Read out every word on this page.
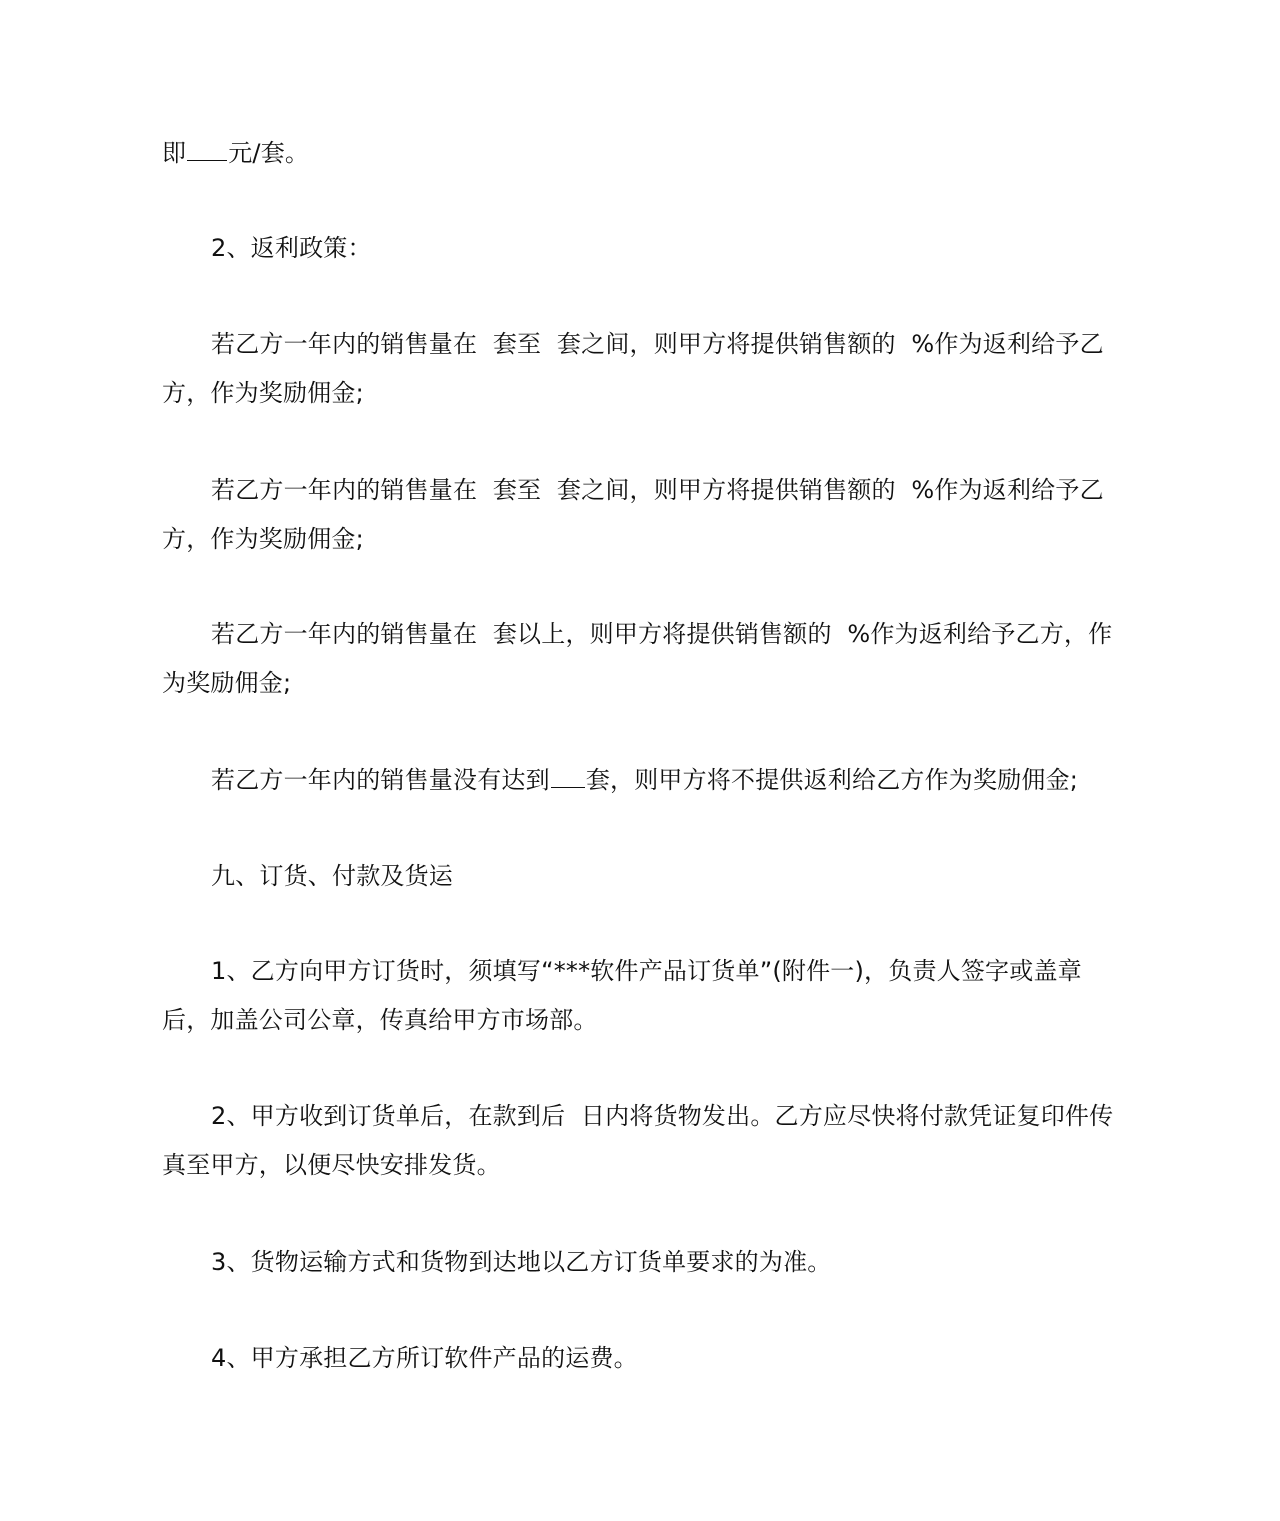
即 元/套。

2、返利政策：

若乙方一年内的销售量在  套至  套之间，则甲方将提供销售额的  %作为返利给予乙方，作为奖励佣金;

若乙方一年内的销售量在  套至  套之间，则甲方将提供销售额的  %作为返利给予乙方，作为奖励佣金;

若乙方一年内的销售量在  套以上，则甲方将提供销售额的  %作为返利给予乙方，作为奖励佣金;

若乙方一年内的销售量没有达到 套，则甲方将不提供返利给乙方作为奖励佣金;

九、订货、付款及货运

1、乙方向甲方订货时，须填写“***软件产品订货单”(附件一)，负责人签字或盖章后，加盖公司公章，传真给甲方市场部。

2、甲方收到订货单后，在款到后  日内将货物发出。乙方应尽快将付款凭证复印件传真至甲方，以便尽快安排发货。

3、货物运输方式和货物到达地以乙方订货单要求的为准。

4、甲方承担乙方所订软件产品的运费。
